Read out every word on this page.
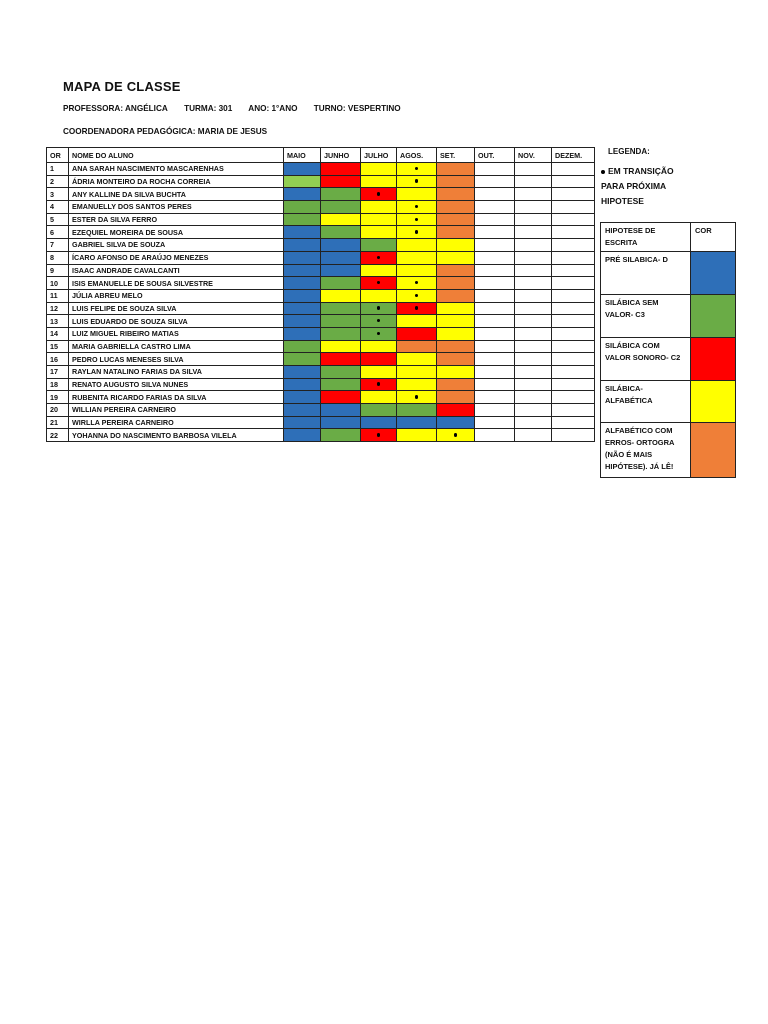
MAPA DE CLASSE
PROFESSORA: ANGÉLICA TURMA: 301 ANO: 1°ANO TURNO: VESPERTINO
COORDENADORA PEDAGÓGICA: MARIA DE JESUS
OR	NOME DO ALUNO	MAIO	JUNHO	JULHO	AGOS.	SET.	OUT.	NOV.	DEZEM.
1	ANA SARAH NASCIMENTO MASCARENHAS								
2	ÁDRIA MONTEIRO DA ROCHA CORREIA								
3	ANY KALLINE DA SILVA BUCHTA								
4	EMANUELLY DOS SANTOS PERES								
5	ESTER DA SILVA FERRO								
6	EZEQUIEL MOREIRA DE SOUSA								
7	GABRIEL SILVA DE SOUZA								
8	ÍCARO AFONSO DE ARAÚJO MENEZES								
9	ISAAC ANDRADE CAVALCANTI								
10	ISIS EMANUELLE DE SOUSA SILVESTRE								
11	JÚLIA ABREU MELO								
12	LUIS FELIPE DE SOUZA SILVA								
13	LUIS EDUARDO DE SOUZA SILVA								
14	LUIZ MIGUEL RIBEIRO MATIAS								
15	MARIA GABRIELLA CASTRO LIMA								
16	PEDRO LUCAS MENESES SILVA								
17	RAYLAN NATALINO FARIAS DA SILVA								
18	RENATO AUGUSTO SILVA NUNES								
19	RUBENITA RICARDO FARIAS DA SILVA								
20	WILLIAN PEREIRA CARNEIRO								
21	WIRLLA PEREIRA CARNEIRO								
22	YOHANNA DO NASCIMENTO BARBOSA VILELA								
LEGENDA:
EM TRANSIÇÃO
PARA PRÓXIMA
HIPOTESE
HIPOTESE DE ESCRITA	COR
PRÉ SILABICA- D	
SILÁBICA SEM VALOR- C3	
SILÁBICA COM VALOR SONORO- C2	
SILÁBICA-ALFABÉTICA	
ALFABÉTICO COM ERROS- ORTOGRA (NÃO É MAIS HIPÓTESE). JÁ LÊ!	
